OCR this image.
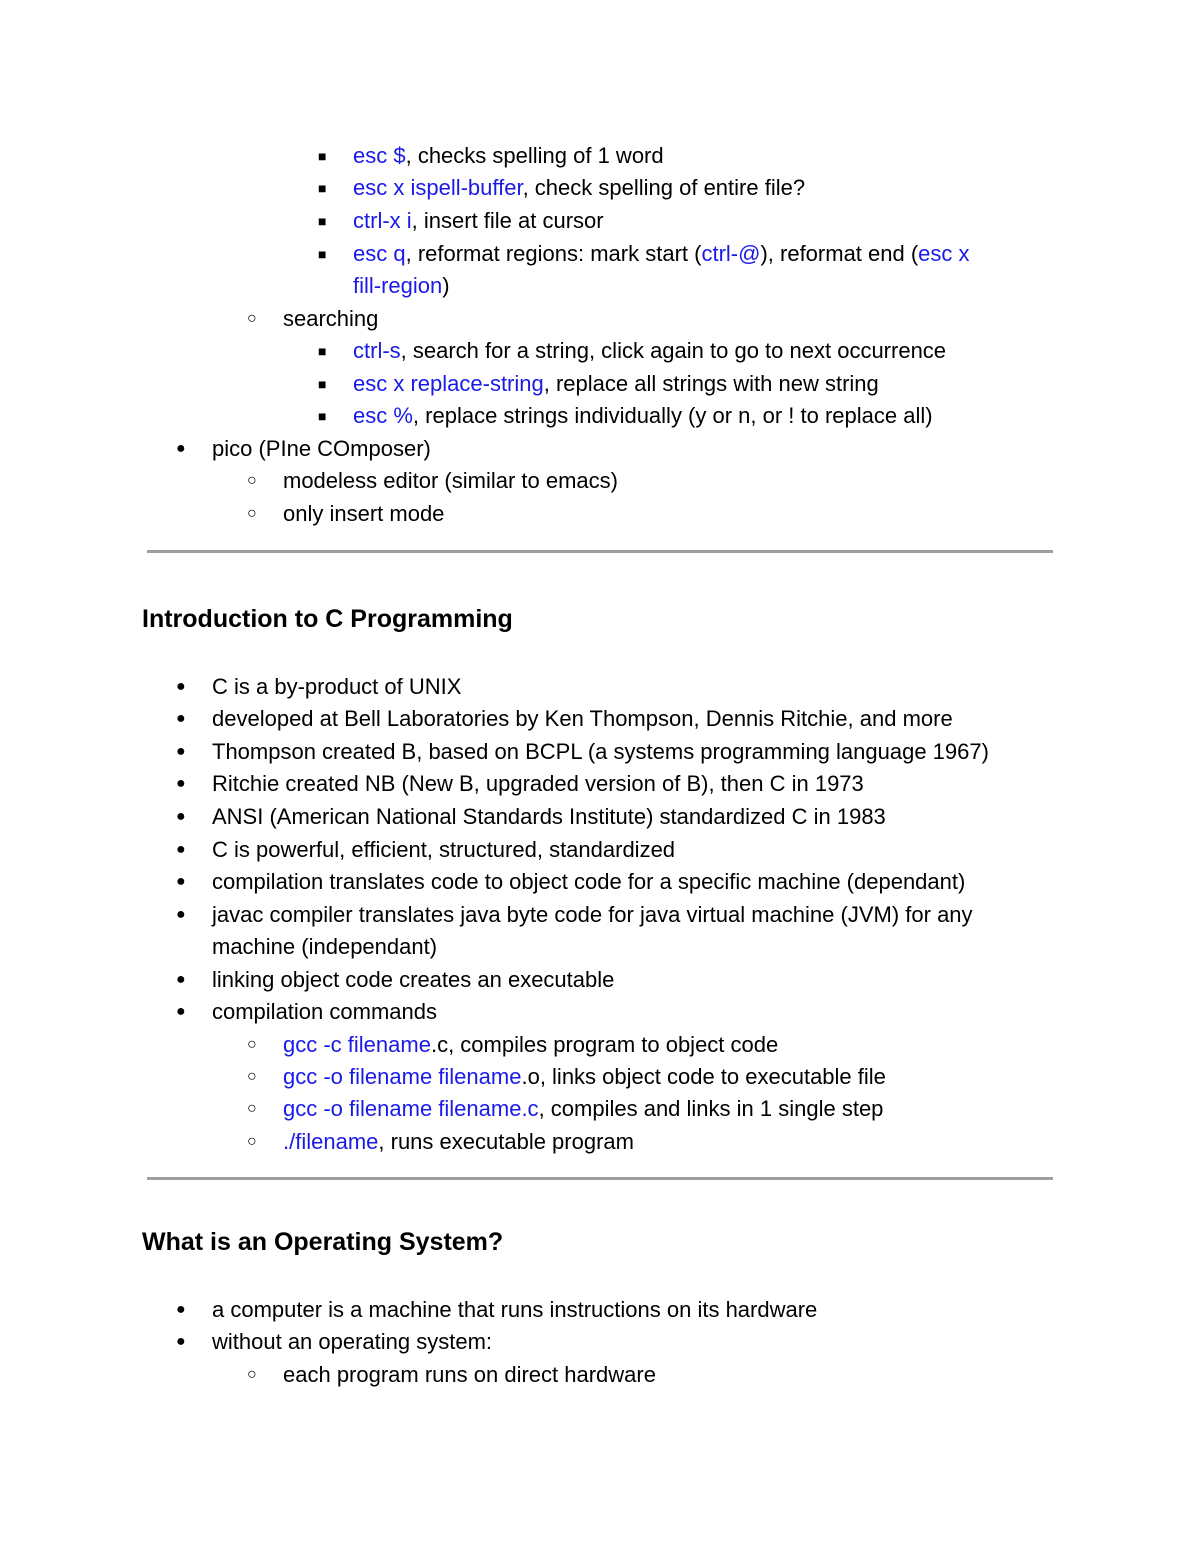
■ esc $, checks spelling of 1 word
■ esc x ispell-buffer, check spelling of entire file?
■ ctrl-x i, insert file at cursor
■ esc q, reformat regions: mark start (ctrl-@), reformat end (esc x
fill-region)
○ searching
■ ctrl-s, search for a string, click again to go to next occurrence
■ esc x replace-string, replace all strings with new string
■ esc %, replace strings individually (y or n, or ! to replace all)
● pico (PIne COmposer)
○ modeless editor (similar to emacs)
○ only insert mode
Introduction to C Programming
● C is a by-product of UNIX
● developed at Bell Laboratories by Ken Thompson, Dennis Ritchie, and more
● Thompson created B, based on BCPL (a systems programming language 1967)
● Ritchie created NB (New B, upgraded version of B), then C in 1973
● ANSI (American National Standards Institute) standardized C in 1983
● C is powerful, efficient, structured, standardized
● compilation translates code to object code for a specific machine (dependant)
● javac compiler translates java byte code for java virtual machine (JVM) for any
machine (independant)
● linking object code creates an executable
● compilation commands
○ gcc -c filename.c, compiles program to object code
○ gcc -o filename filename.o, links object code to executable file
○ gcc -o filename filename.c, compiles and links in 1 single step
○ ./filename, runs executable program
What is an Operating System?
● a computer is a machine that runs instructions on its hardware
● without an operating system:
○ each program runs on direct hardware
